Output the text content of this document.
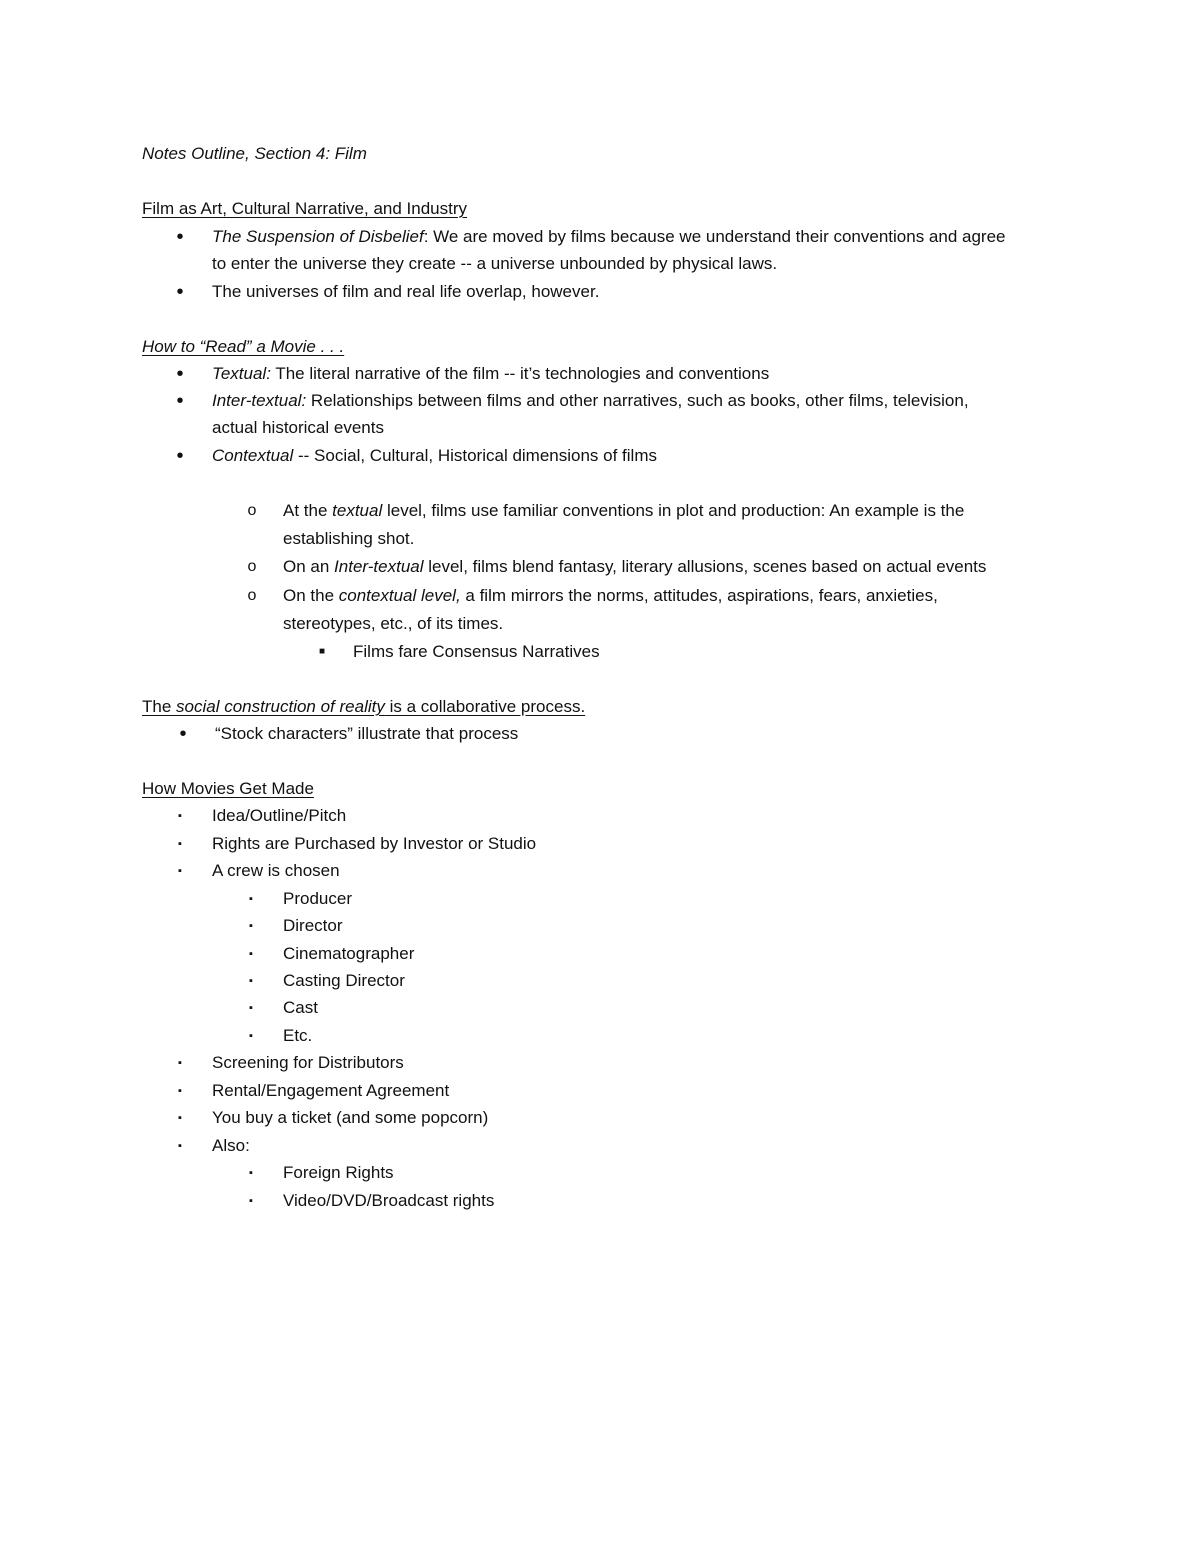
Notes Outline, Section 4: Film
Film as Art, Cultural Narrative, and Industry
• The Suspension of Disbelief: We are moved by films because we understand their conventions and agree
to enter the universe they create -- a universe unbounded by physical laws.
• The universes of film and real life overlap, however.
How to “Read” a Movie . . .
• Textual: The literal narrative of the film -- it’s technologies and conventions
• Inter-textual: Relationships between films and other narratives, such as books, other films, television,
actual historical events
• Contextual -- Social, Cultural, Historical dimensions of films
o At the textual level, films use familiar conventions in plot and production: An example is the
establishing shot.
o On an Inter-textual level, films blend fantasy, literary allusions, scenes based on actual events
o On the contextual level, a film mirrors the norms, attitudes, aspirations, fears, anxieties,
stereotypes, etc., of its times.
■ Films fare Consensus Narratives
The social construction of reality is a collaborative process.
• “Stock characters” illustrate that process
How Movies Get Made
▪ Idea/Outline/Pitch
▪ Rights are Purchased by Investor or Studio
▪ A crew is chosen
▪ Producer
▪ Director
▪ Cinematographer
▪ Casting Director
▪ Cast
▪ Etc.
▪ Screening for Distributors
▪ Rental/Engagement Agreement
▪ You buy a ticket (and some popcorn)
▪ Also:
▪ Foreign Rights
▪ Video/DVD/Broadcast rights
